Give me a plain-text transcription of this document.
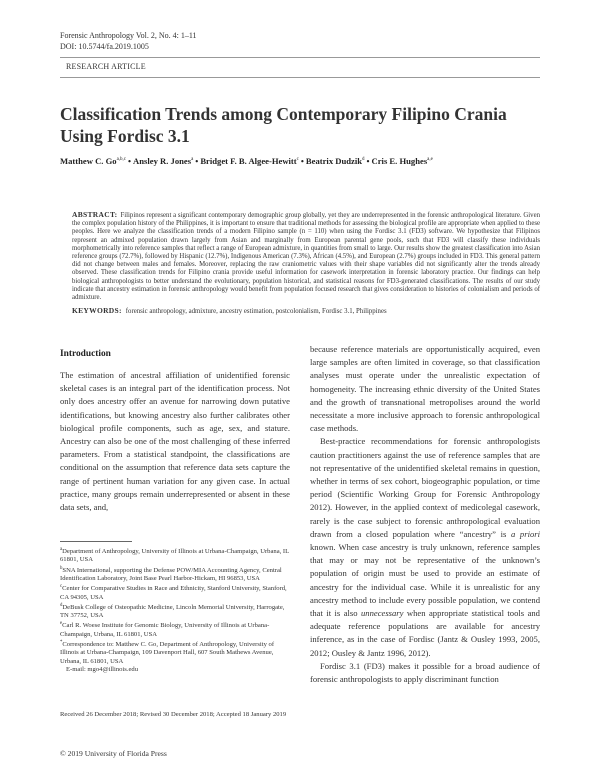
Forensic Anthropology Vol. 2, No. 4: 1–11
DOI: 10.5744/fa.2019.1005
RESEARCH ARTICLE
Classification Trends among Contemporary Filipino Crania Using Fordisc 3.1
Matthew C. Go$^{a,b,c}$ • Ansley R. Jones$^a$ • Bridget F. B. Algee-Hewitt$^c$ • Beatrix Dudzik$^d$ • Cris E. Hughes$^{a,e}$

ABSTRACT: Filipinos represent a significant contemporary demographic group globally, yet they are underrepresented in the forensic anthropological literature. Given the complex population history of the Philippines, it is important to ensure that traditional methods for assessing the biological profile are appropriate when applied to these peoples. Here we analyze the classification trends of a modern Filipino sample (n = 110) when using the Fordisc 3.1 (FD3) software. We hypothesize that Filipinos represent an admixed population drawn largely from Asian and marginally from European parental gene pools, such that FD3 will classify these individuals morphometrically into reference samples that reflect a range of European admixture, in quantities from small to large. Our results show the greatest classification into Asian reference groups (72.7%), followed by Hispanic (12.7%), Indigenous American (7.3%), African (4.5%), and European (2.7%) groups included in FD3. This general pattern did not change between males and females. Moreover, replacing the raw craniometric values with their shape variables did not significantly alter the trends already observed. These classification trends for Filipino crania provide useful information for casework interpretation in forensic laboratory practice. Our findings can help biological anthropologists to better understand the evolutionary, population historical, and statistical reasons for FD3-generated classifications. The results of our study indicate that ancestry estimation in forensic anthropology would benefit from population focused research that gives consideration to histories of colonialism and periods of admixture.

KEYWORDS: forensic anthropology, admixture, ancestry estimation, postcolonialism, Fordisc 3.1, Philippines
Introduction

The estimation of ancestral affiliation of unidentified forensic skeletal cases is an integral part of the identification process. Not only does ancestry offer an avenue for narrowing down putative identifications, but knowing ancestry also further calibrates other biological profile components, such as age, sex, and stature. Ancestry can also be one of the most challenging of these inferred parameters. From a statistical standpoint, the classifications are conditional on the assumption that reference data sets capture the range of pertinent human variation for any given case. In actual practice, many groups remain underrepresented or absent in these data sets, and,

because reference materials are opportunistically acquired, even large samples are often limited in coverage, so that classification analyses must operate under the unrealistic expectation of homogeneity. The increasing ethnic diversity of the United States and the growth of transnational metropolises around the world necessitate a more inclusive approach to forensic anthropological case methods.

Best-practice recommendations for forensic anthropologists caution practitioners against the use of reference samples that are not representative of the unidentified skeletal remains in question, whether in terms of sex cohort, biogeographic population, or time period (Scientific Working Group for Forensic Anthropology 2012). However, in the applied context of medicolegal casework, rarely is the case subject to forensic anthropological evaluation drawn from a closed population where “ancestry” is a priori known. When case ancestry is truly unknown, reference samples that may or may not be representative of the unknown’s population of origin must be used to provide an estimate of ancestry for the individual case. While it is unrealistic for any ancestry method to include every possible population, we contend that it is also unnecessary when appropriate statistical tools and adequate reference populations are available for ancestry inference, as in the case of Fordisc (Jantz & Ousley 1993, 2005, 2012; Ousley & Jantz 1996, 2012).

Fordisc 3.1 (FD3) makes it possible for a broad audience of forensic anthropologists to apply discriminant function

$^a$Department of Anthropology, University of Illinois at Urbana-Champaign, Urbana, IL 61801, USA

$^b$SNA International, supporting the Defense POW/MIA Accounting Agency, Central Identification Laboratory, Joint Base Pearl Harbor-Hickam, HI 96853, USA

$^c$Center for Comparative Studies in Race and Ethnicity, Stanford University, Stanford, CA 94305, USA

$^d$DeBusk College of Osteopathic Medicine, Lincoln Memorial University, Harrogate, TN 37752, USA

$^e$Carl R. Woese Institute for Genomic Biology, University of Illinois at Urbana-Champaign, Urbana, IL 61801, USA

*Correspondence to: Matthew C. Go, Department of Anthropology, University of Illinois at Urbana-Champaign, 109 Davenport Hall, 607 South Mathews Avenue, Urbana, IL 61801, USA

E-mail: mgo4@illinois.edu

Received 26 December 2018; Revised 30 December 2018; Accepted 18 January 2019

© 2019 University of Florida Press
